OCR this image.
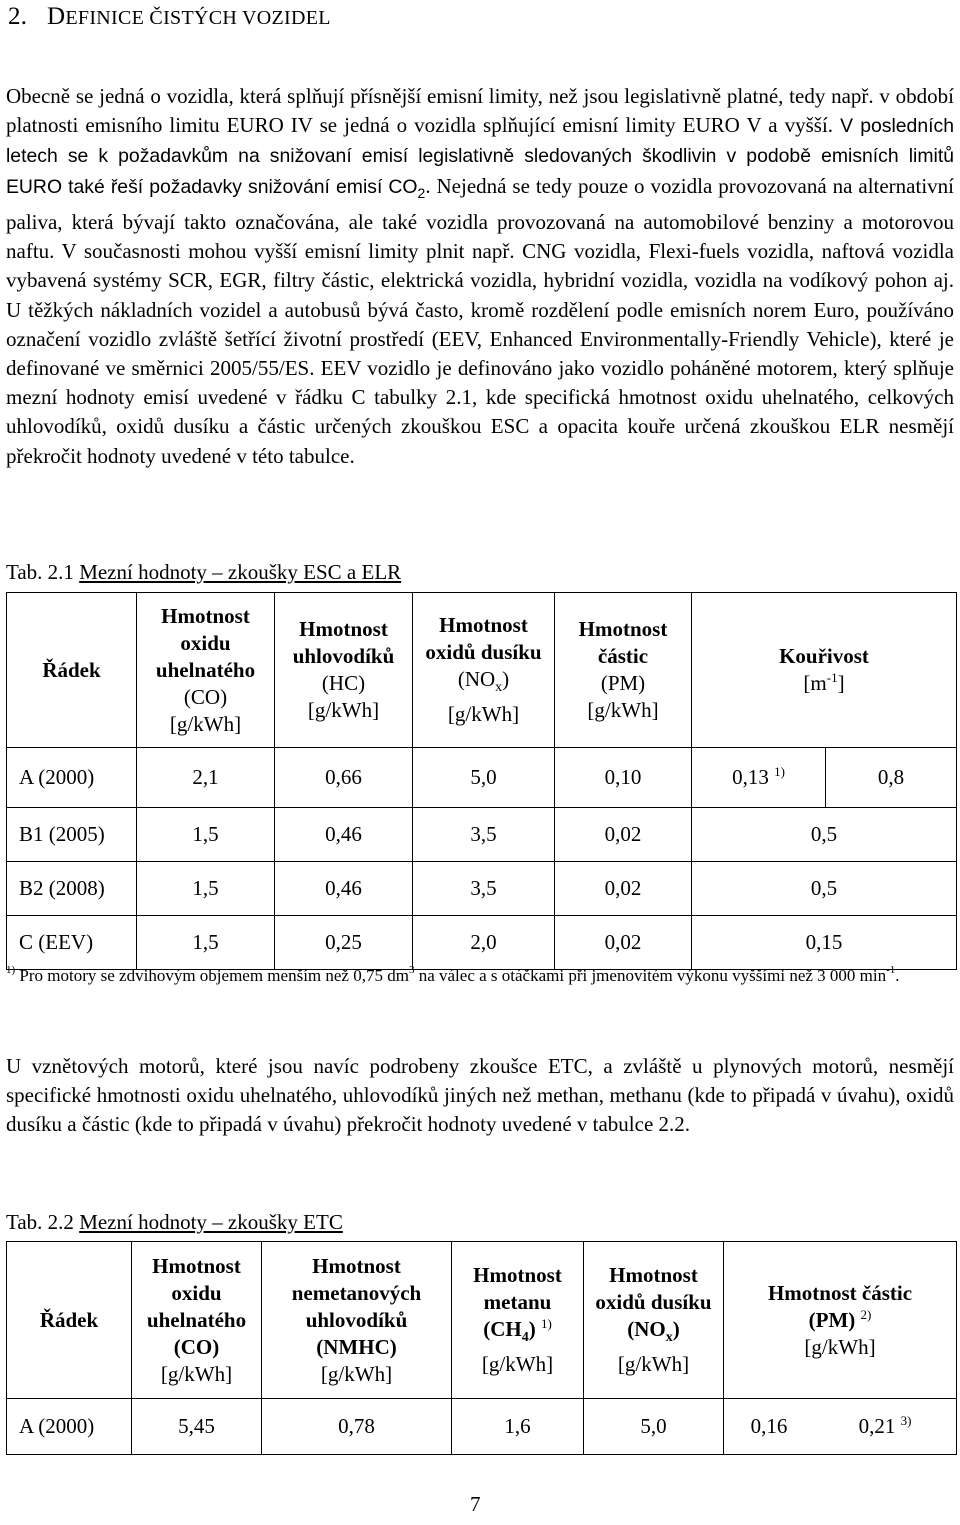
2. DEFINICE ČISTÝCH VOZIDEL
Obecně se jedná o vozidla, která splňují přísnější emisní limity, než jsou legislativně platné, tedy např. v období platnosti emisního limitu EURO IV se jedná o vozidla splňující emisní limity EURO V a vyšší. V posledních letech se k požadavkům na snižovaní emisí legislativně sledovaných škodlivin v podobě emisních limitů EURO také řeší požadavky snižování emisí $CO_2$. Nejedná se tedy pouze o vozidla provozovaná na alternativní paliva, která bývají takto označována, ale také vozidla provozovaná na automobilové benziny a motorovou naftu. V současnosti mohou vyšší emisní limity plnit např. CNG vozidla, Flexi-fuels vozidla, naftová vozidla vybavená systémy SCR, EGR, filtry částic, elektrická vozidla, hybridní vozidla, vozidla na vodíkový pohon aj. U těžkých nákladních vozidel a autobusů bývá často, kromě rozdělení podle emisních norem Euro, používáno označení vozidlo zvláště šetřící životní prostředí (EEV, Enhanced Environmentally-Friendly Vehicle), které je definované ve směrnici 2005/55/ES. EEV vozidlo je definováno jako vozidlo poháněné motorem, který splňuje mezní hodnoty emisí uvedené v řádku C tabulky 2.1, kde specifická hmotnost oxidu uhelnatého, celkových uhlovodíků, oxidů dusíku a částic určených zkouškou ESC a opacita kouře určená zkouškou ELR nesmějí překročit hodnoty uvedené v této tabulce.
Tab. 2.1 Mezní hodnoty – zkoušky ESC a ELR
Řádek	Hmotnost
oxidu
uhelnatého
(CO)
[g/kWh]	Hmotnost
uhlovodíků
(HC)
[g/kWh]	Hmotnost
oxidů dusíku
$(NO_x)$
[g/kWh]	Hmotnost
částic
(PM)
[g/kWh]	Kouřivost
$[m^{-1}]$
A (2000)	2,1	0,66	5,0	0,10	0,13 $^{1)}$ 0,8

B1 (2005)	1,5	0,46	3,5	0,02	0,5
B2 (2008)	1,5	0,46	3,5	0,02	0,5
C (EEV)	1,5	0,25	2,0	0,02	0,15
$^{1)}$ Pro motory se zdvihovým objemem menším než 0,75 $dm^3$ na válec a s otáčkami při jmenovitém výkonu vyššími než 3 000 $\min^{-1}$.
U vznětových motorů, které jsou navíc podrobeny zkoušce ETC, a zvláště u plynových motorů, nesmějí specifické hmotnosti oxidu uhelnatého, uhlovodíků jiných než methan, methanu (kde to připadá v úvahu), oxidů dusíku a částic (kde to připadá v úvahu) překročit hodnoty uvedené v tabulce 2.2.
Tab. 2.2 Mezní hodnoty – zkoušky ETC
Řádek	Hmotnost
oxidu
uhelnatého
(CO)
[g/kWh]	Hmotnost
nemetanových
uhlovodíků
(NMHC)
[g/kWh]	Hmotnost
metanu
$(CH_4)$ $^{1)}$
[g/kWh]	Hmotnost
oxidů dusíku
$(NO_x)$
[g/kWh]	Hmotnost částic
(PM) $^{2)}$
[g/kWh]
A (2000)	5,45	0,78	1,6	5,0	0,16 0,21 $^{3)}$
7
